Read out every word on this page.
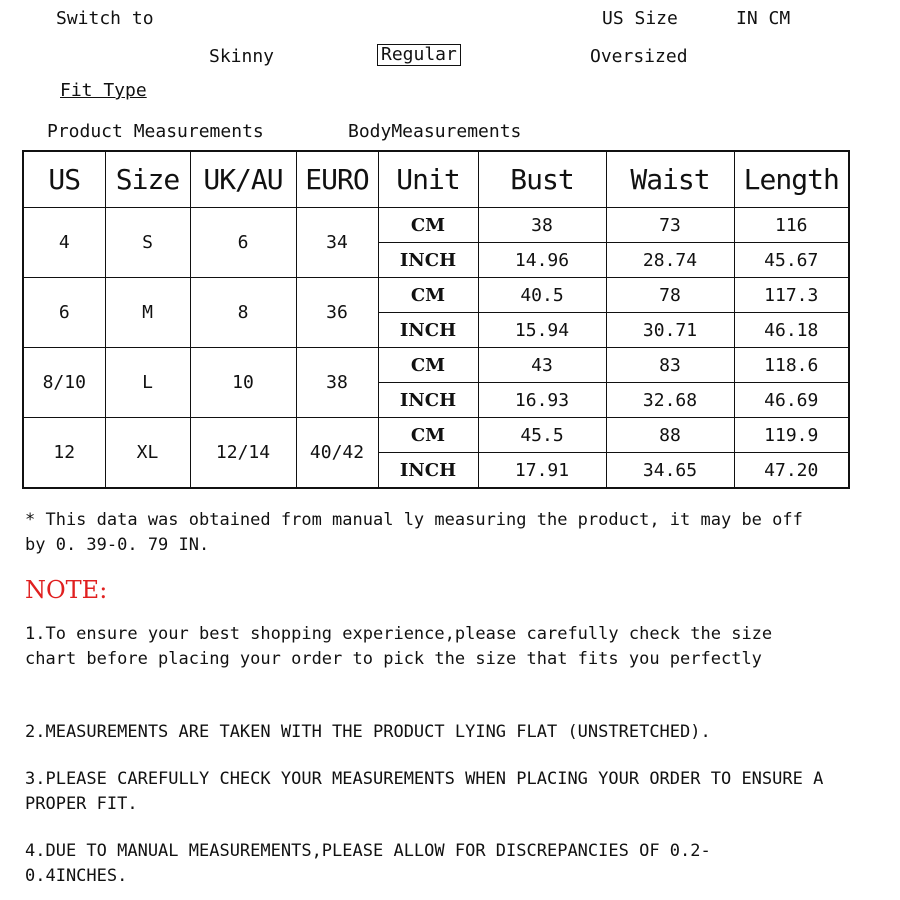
Switch to	US Size	IN CM
Skinny	Regular	Oversized
Fit Type
Product Measurements	BodyMeasurements
US	Size	UK/AU	EURO	Unit	Bust	Waist	Length
4	S	6	34	CM	38	73	116
				INCH	14.96	28.74	45.67
6	M	8	36	CM	40.5	78	117.3
				INCH	15.94	30.71	46.18
8/10	L	10	38	CM	43	83	118.6
				INCH	16.93	32.68	46.69
12	XL	12/14	40/42	CM	45.5	88	119.9
				INCH	17.91	34.65	47.20
* This data was obtained from manual ly measuring the product, it may be off by 0. 39-0. 79 IN.
NOTE:
1.To ensure your best shopping experience,please carefully check the size chart before placing your order to pick the size that fits you perfectly
2.MEASUREMENTS ARE TAKEN WITH THE PRODUCT LYING FLAT (UNSTRETCHED).
3.PLEASE CAREFULLY CHECK YOUR MEASUREMENTS WHEN PLACING YOUR ORDER TO ENSURE A PROPER FIT.
4.DUE TO MANUAL MEASUREMENTS,PLEASE ALLOW FOR DISCREPANCIES OF 0.2-0.4INCHES.
